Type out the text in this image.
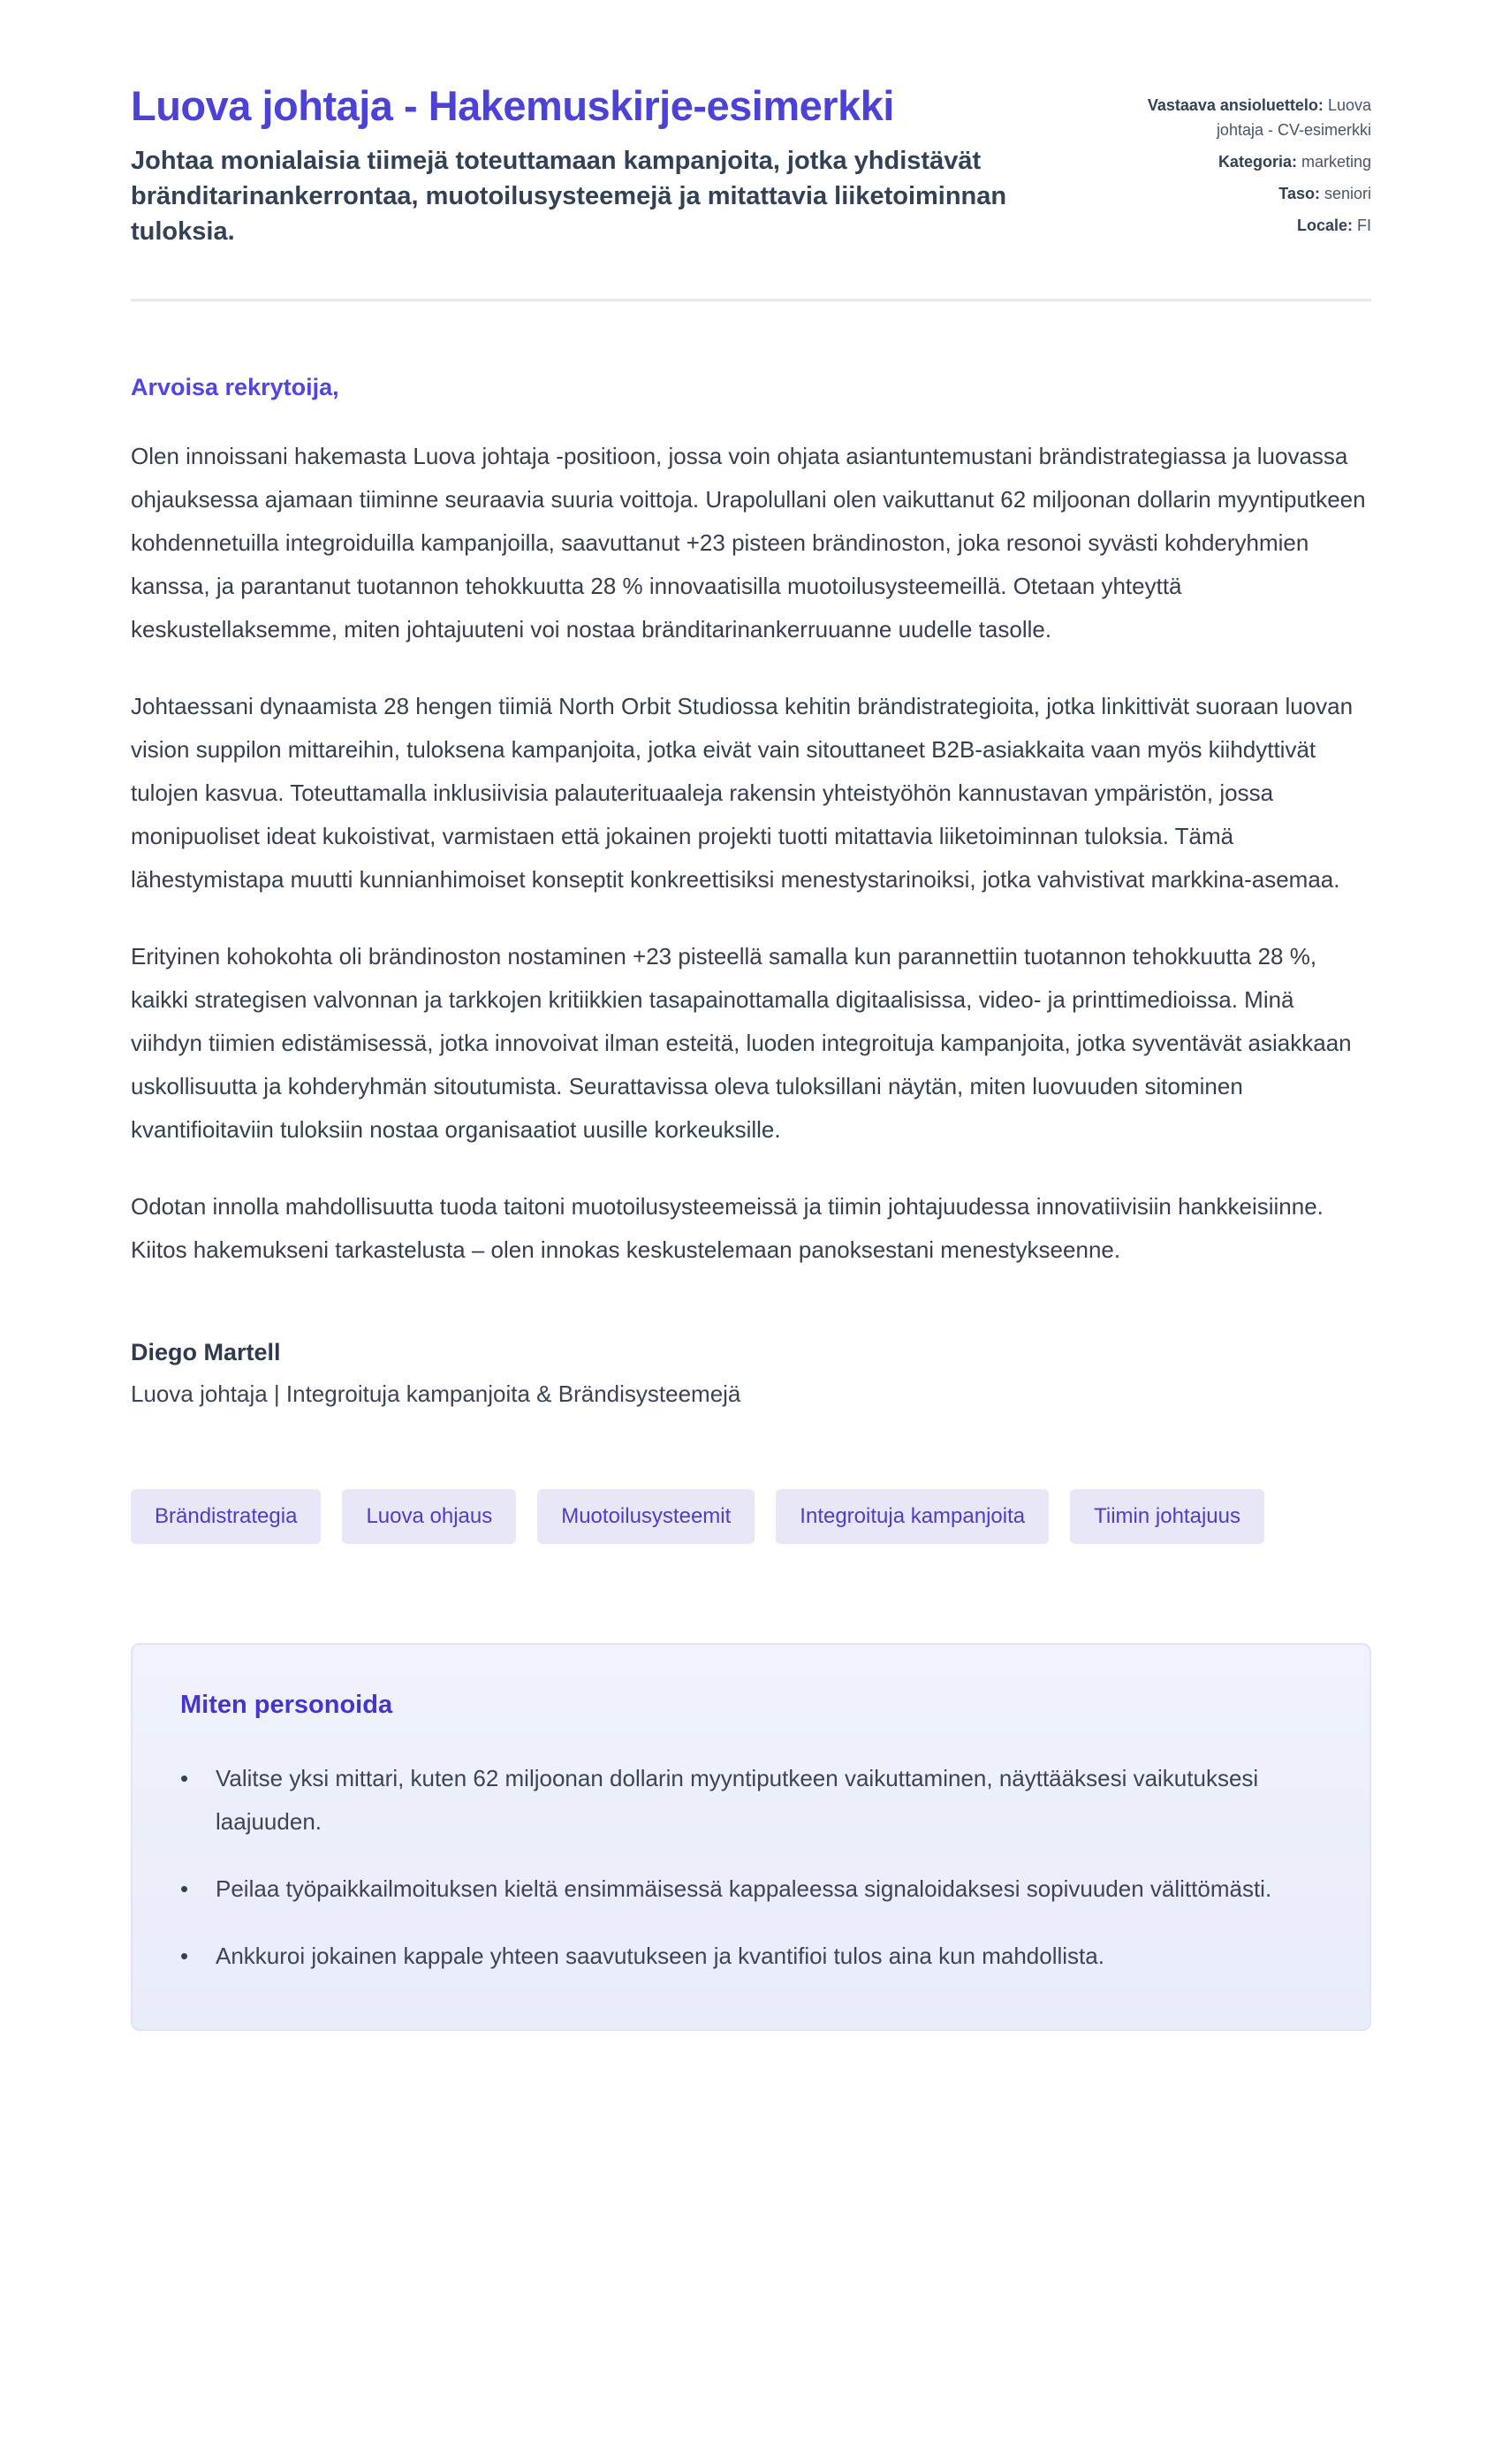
Luova johtaja - Hakemuskirje-esimerkki

Johtaa monialaisia tiimejä toteuttamaan kampanjoita, jotka yhdistävät bränditarinankerrontaa, muotoilusysteemejä ja mitattavia liiketoiminnan tuloksia.

Vastaava ansioluettelo: Luova johtaja - CV-esimerkki
Kategoria: marketing
Taso: seniori
Locale: FI

Arvoisa rekrytoija,

Olen innoissani hakemasta Luova johtaja -positioon, jossa voin ohjata asiantuntemustani brändistrategiassa ja luovassa ohjauksessa ajamaan tiiminne seuraavia suuria voittoja. Urapolullani olen vaikuttanut 62 miljoonan dollarin myyntiputkeen kohdennetuilla integroiduilla kampanjoilla, saavuttanut +23 pisteen brändinoston, joka resonoi syvästi kohderyhmien kanssa, ja parantanut tuotannon tehokkuutta 28 % innovaatisilla muotoilusysteemeillä. Otetaan yhteyttä keskustellaksemme, miten johtajuuteni voi nostaa bränditarinankerruuanne uudelle tasolle.

Johtaessani dynaamista 28 hengen tiimiä North Orbit Studiossa kehitin brändistrategioita, jotka linkittivät suoraan luovan vision suppilon mittareihin, tuloksena kampanjoita, jotka eivät vain sitouttaneet B2B-asiakkaita vaan myös kiihdyttivät tulojen kasvua. Toteuttamalla inklusiivisia palauterituaaleja rakensin yhteistyöhön kannustavan ympäristön, jossa monipuoliset ideat kukoistivat, varmistaen että jokainen projekti tuotti mitattavia liiketoiminnan tuloksia. Tämä lähestymistapa muutti kunnianhimoiset konseptit konkreettisiksi menestystarinoiksi, jotka vahvistivat markkina-asemaa.

Erityinen kohokohta oli brändinoston nostaminen +23 pisteellä samalla kun parannettiin tuotannon tehokkuutta 28 %, kaikki strategisen valvonnan ja tarkkojen kritiikkien tasapainottamalla digitaalisissa, video- ja printtimedioissa. Minä viihdyn tiimien edistämisessä, jotka innovoivat ilman esteitä, luoden integroituja kampanjoita, jotka syventävät asiakkaan uskollisuutta ja kohderyhmän sitoutumista. Seurattavissa oleva tuloksillani näytän, miten luovuuden sitominen kvantifioitaviin tuloksiin nostaa organisaatiot uusille korkeuksille.

Odotan innolla mahdollisuutta tuoda taitoni muotoilusysteemeissä ja tiimin johtajuudessa innovatiivisiin hankkeisiinne. Kiitos hakemukseni tarkastelusta – olen innokas keskustelemaan panoksestani menestykseenne.

Diego Martell

Luova johtaja | Integroituja kampanjoita & Brändisysteemejä

Brändistrategia	Luova ohjaus	Muotoilusysteemit	Integroituja kampanjoita	Tiimin johtajuus
Miten personoida
•	Valitse yksi mittari, kuten 62 miljoonan dollarin myyntiputkeen vaikuttaminen, näyttääksesi vaikutuksesi laajuuden.
•	Peilaa työpaikkailmoituksen kieltä ensimmäisessä kappaleessa signaloidaksesi sopivuuden välittömästi.
•	Ankkuroi jokainen kappale yhteen saavutukseen ja kvantifioi tulos aina kun mahdollista.
